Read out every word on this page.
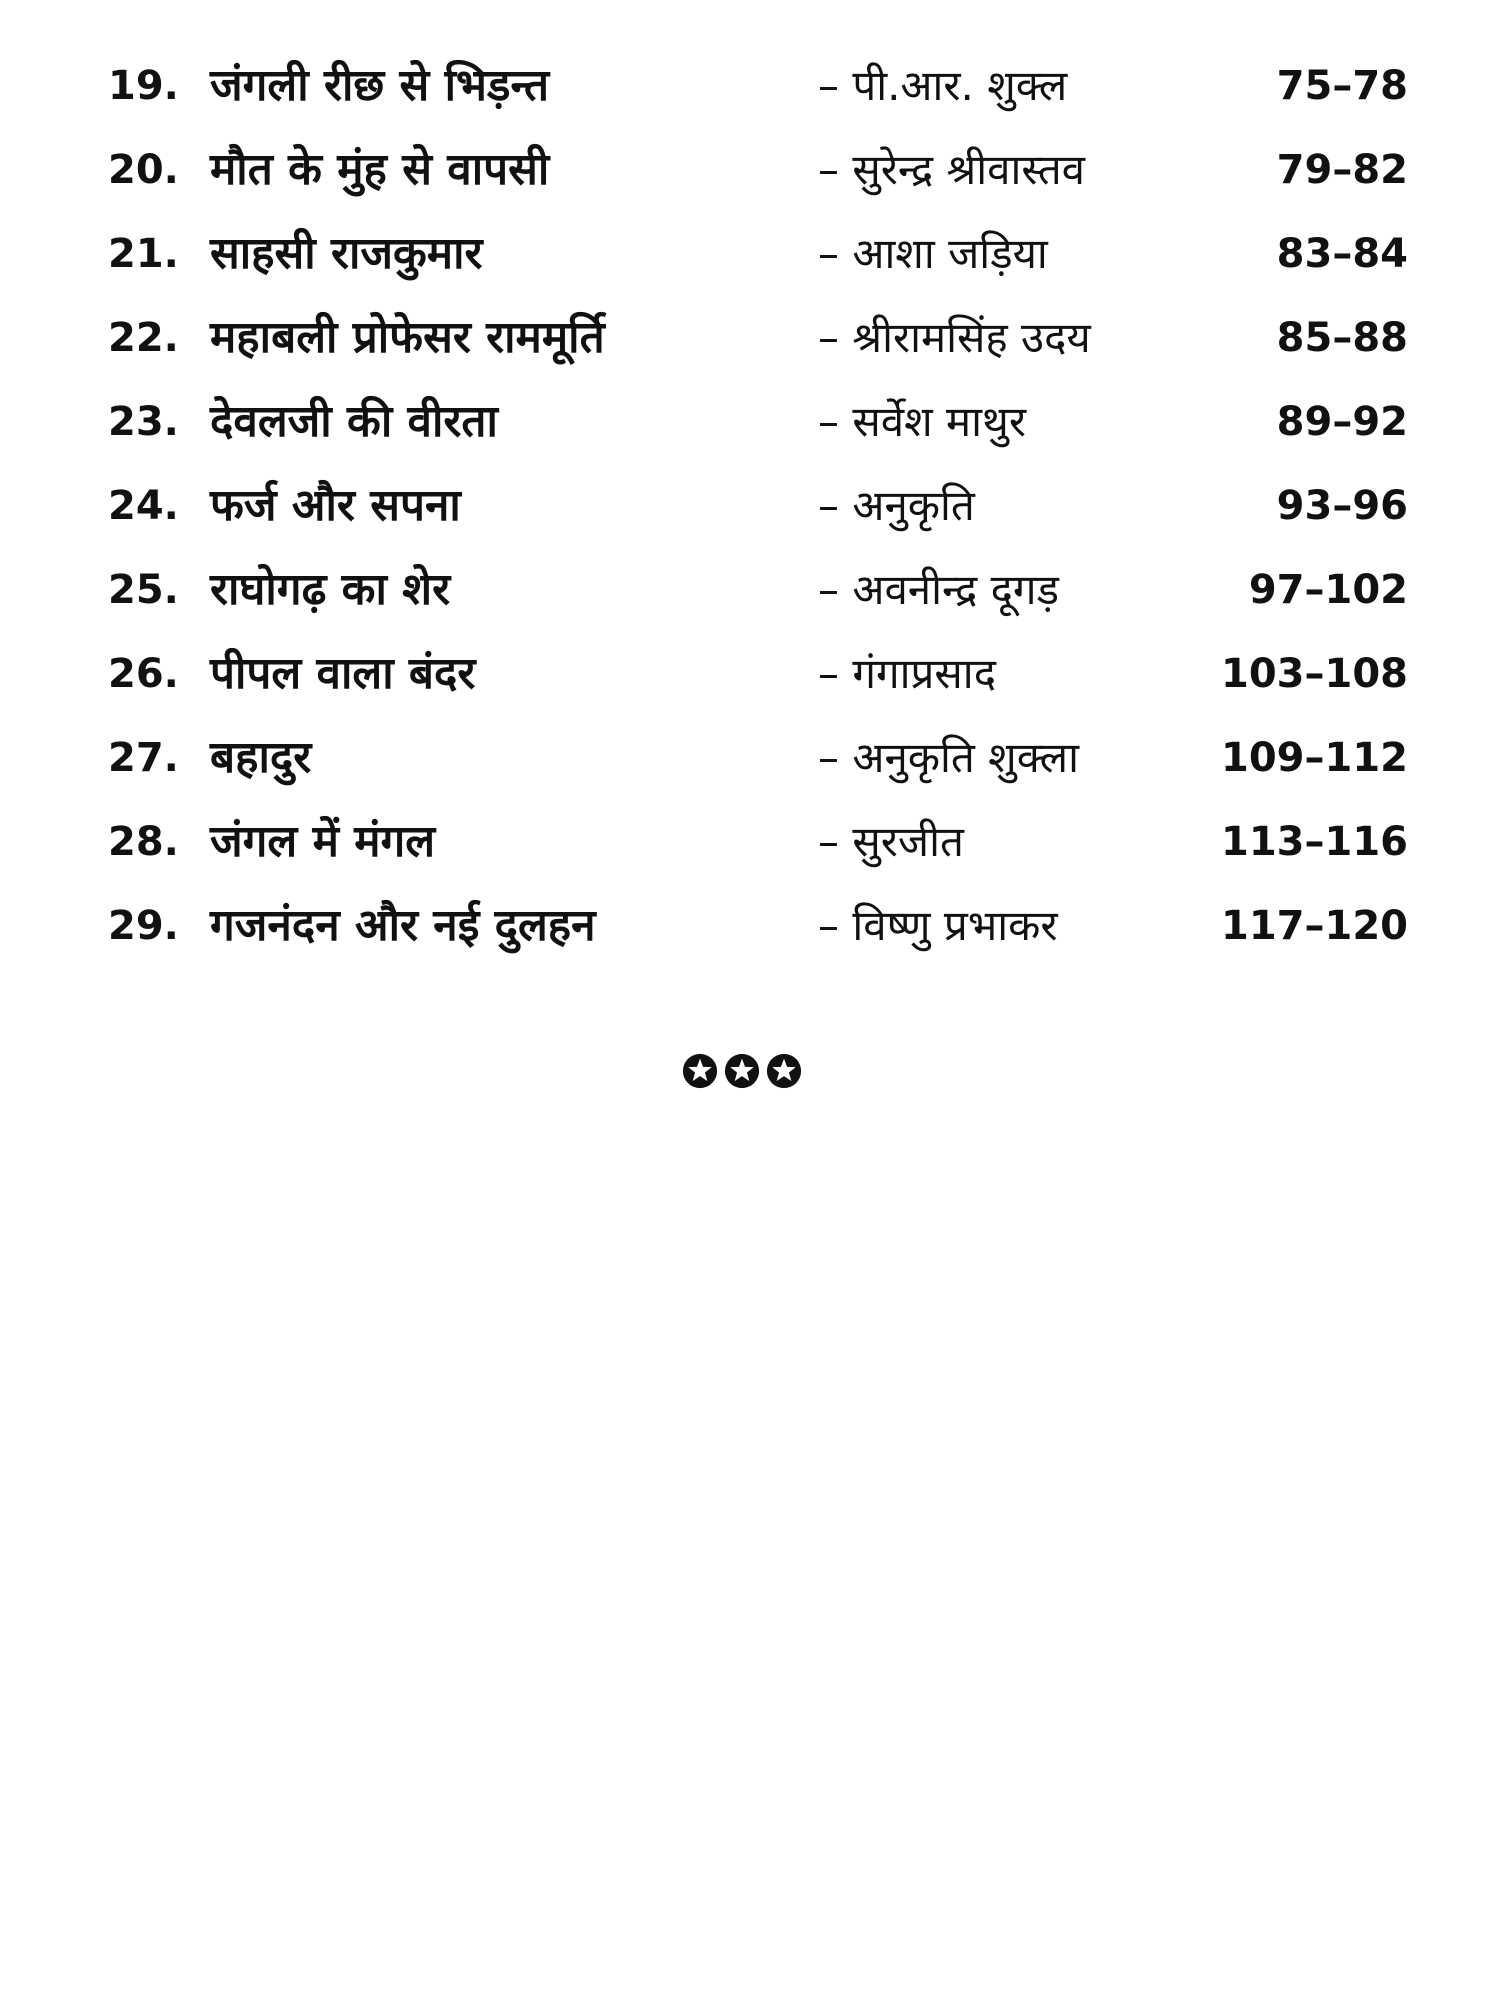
19. जंगली रीछ से भिड़न्त	– पी.आर. शुक्ल	75–78
20. मौत के मुंह से वापसी	– सुरेन्द्र श्रीवास्तव	79–82
21. साहसी राजकुमार	– आशा जड़िया	83–84
22. महाबली प्रोफेसर राममूर्ति	– श्रीरामसिंह उदय	85–88
23. देवलजी की वीरता	– सर्वेश माथुर	89–92
24. फर्ज और सपना	– अनुकृति	93–96
25. राघोगढ़ का शेर	– अवनीन्द्र दूगड़	97–102
26. पीपल वाला बंदर	– गंगाप्रसाद	103–108
27. बहादुर	– अनुकृति शुक्ला	109–112
28. जंगल में मंगल	– सुरजीत	113–116
29. गजनंदन और नई दुलहन	– विष्णु प्रभाकर	117–120
